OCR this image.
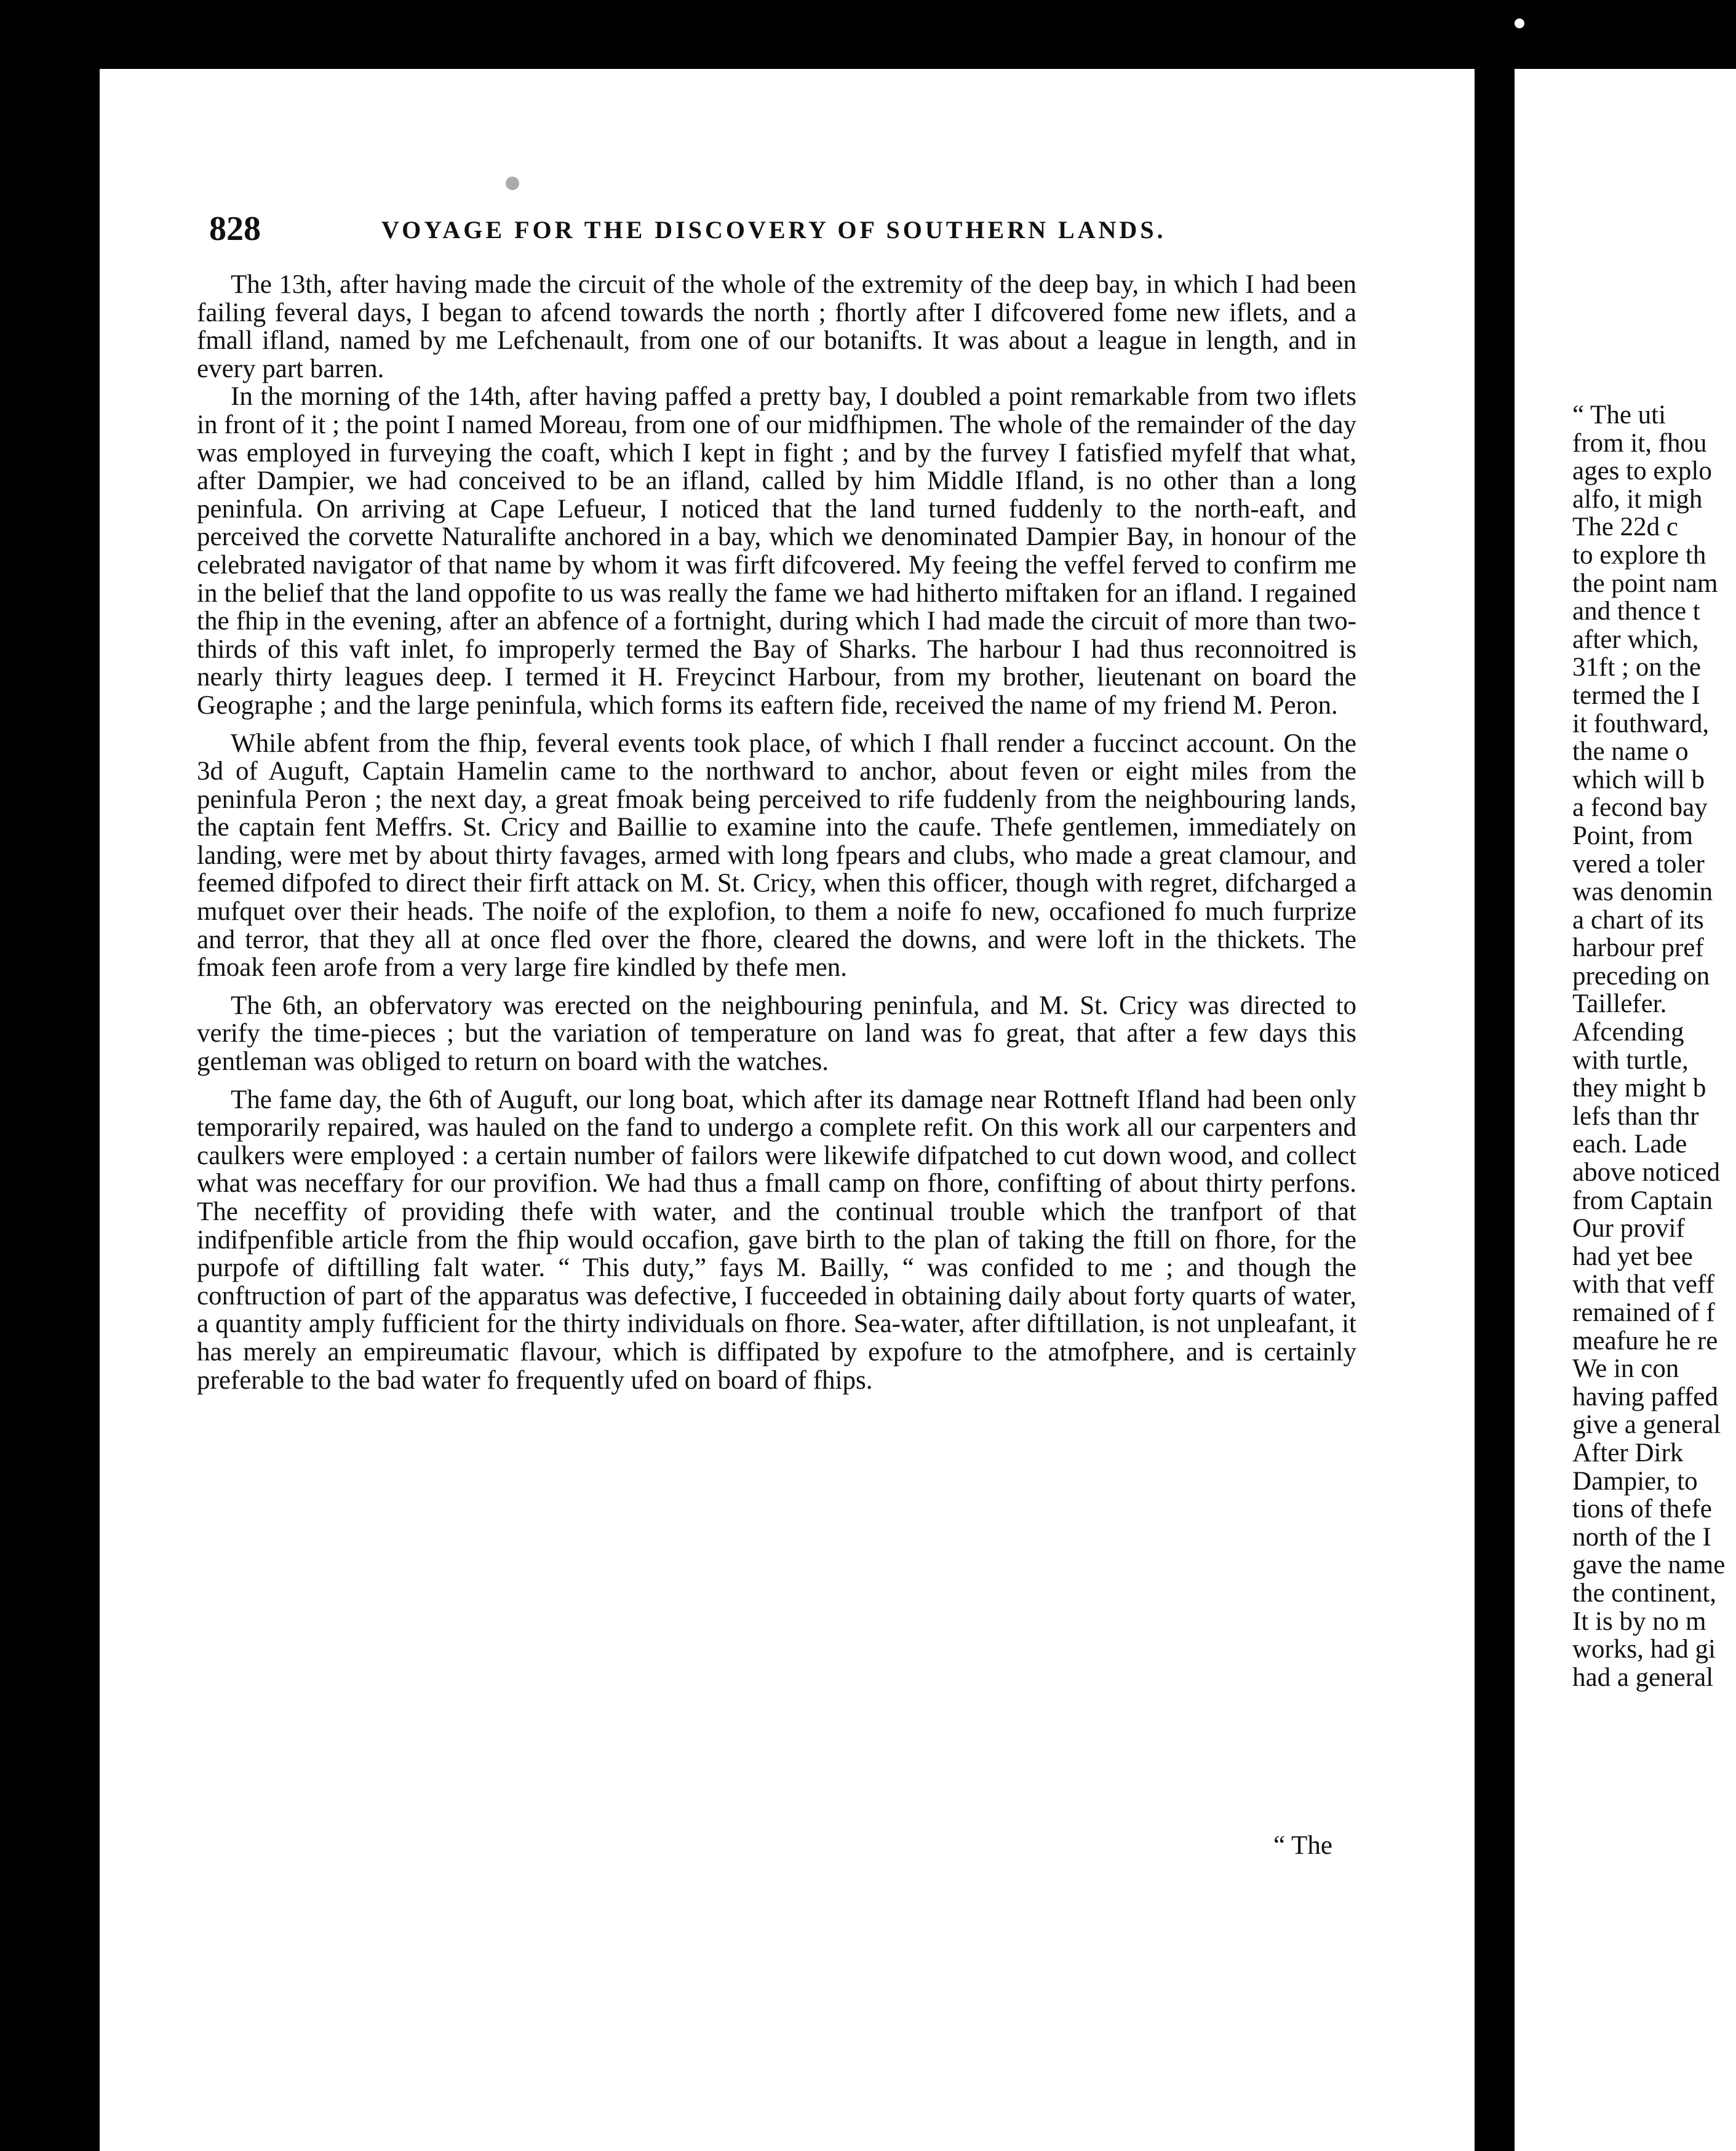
“ The uti
from it, fhou
ages to explo
alfo, it migh
The 22d c
to explore th
the point nam
and thence t
after which,
31ft ; on the
termed the I
it fouthward,
the name o
which will b
a fecond bay
Point, from
vered a toler
was denomin
a chart of its
harbour pref
preceding on
Taillefer.
Afcending
with turtle,
they might b
lefs than thr
each. Lade
above noticed
from Captain
Our provif
had yet bee
with that veff
remained of f
meafure he re
We in con
having paffed
give a general
After Dirk
Dampier, to
tions of thefe
north of the I
gave the name
the continent,
It is by no m
works, had gi
had a general
828	VOYAGE FOR THE DISCOVERY OF SOUTHERN LANDS.

The 13th, after having made the circuit of the whole of the extremity of the deep bay, in which I had been failing feveral days, I began to afcend towards the north ; fhortly after I difcovered fome new iflets, and a fmall ifland, named by me Lefchenault, from one of our botanifts. It was about a league in length, and in every part barren.

In the morning of the 14th, after having paffed a pretty bay, I doubled a point remarkable from two iflets in front of it ; the point I named Moreau, from one of our midfhipmen. The whole of the remainder of the day was employed in furveying the coaft, which I kept in fight ; and by the furvey I fatisfied myfelf that what, after Dampier, we had conceived to be an ifland, called by him Middle Ifland, is no other than a long peninfula. On arriving at Cape Lefueur, I noticed that the land turned fuddenly to the north-eaft, and perceived the corvette Naturalifte anchored in a bay, which we denominated Dampier Bay, in honour of the celebrated navigator of that name by whom it was firft difcovered. My feeing the veffel ferved to confirm me in the belief that the land oppofite to us was really the fame we had hitherto miftaken for an ifland. I regained the fhip in the evening, after an abfence of a fortnight, during which I had made the circuit of more than two-thirds of this vaft inlet, fo improperly termed the Bay of Sharks. The harbour I had thus reconnoitred is nearly thirty leagues deep. I termed it H. Freycinct Harbour, from my brother, lieutenant on board the Geographe ; and the large peninfula, which forms its eaftern fide, received the name of my friend M. Peron.

While abfent from the fhip, feveral events took place, of which I fhall render a fuccinct account. On the 3d of Auguft, Captain Hamelin came to the northward to anchor, about feven or eight miles from the peninfula Peron ; the next day, a great fmoak being perceived to rife fuddenly from the neighbouring lands, the captain fent Meffrs. St. Cricy and Baillie to examine into the caufe. Thefe gentlemen, immediately on landing, were met by about thirty favages, armed with long fpears and clubs, who made a great clamour, and feemed difpofed to direct their firft attack on M. St. Cricy, when this officer, though with regret, difcharged a mufquet over their heads. The noife of the explofion, to them a noife fo new, occafioned fo much furprize and terror, that they all at once fled over the fhore, cleared the downs, and were loft in the thickets. The fmoak feen arofe from a very large fire kindled by thefe men.

The 6th, an obfervatory was erected on the neighbouring peninfula, and M. St. Cricy was directed to verify the time-pieces ; but the variation of temperature on land was fo great, that after a few days this gentleman was obliged to return on board with the watches.

The fame day, the 6th of Auguft, our long boat, which after its damage near Rottneft Ifland had been only temporarily repaired, was hauled on the fand to undergo a complete refit. On this work all our carpenters and caulkers were employed : a certain number of failors were likewife difpatched to cut down wood, and collect what was neceffary for our provifion. We had thus a fmall camp on fhore, confifting of about thirty perfons. The neceffity of providing thefe with water, and the continual trouble which the tranfport of that indifpenfible article from the fhip would occafion, gave birth to the plan of taking the ftill on fhore, for the purpofe of diftilling falt water. “ This duty,” fays M. Bailly, “ was confided to me ; and though the conftruction of part of the apparatus was defective, I fucceeded in obtaining daily about forty quarts of water, a quantity amply fufficient for the thirty individuals on fhore. Sea-water, after diftillation, is not unpleafant, it has merely an empireumatic flavour, which is diffipated by expofure to the atmofphere, and is certainly preferable to the bad water fo frequently ufed on board of fhips.

“ The
